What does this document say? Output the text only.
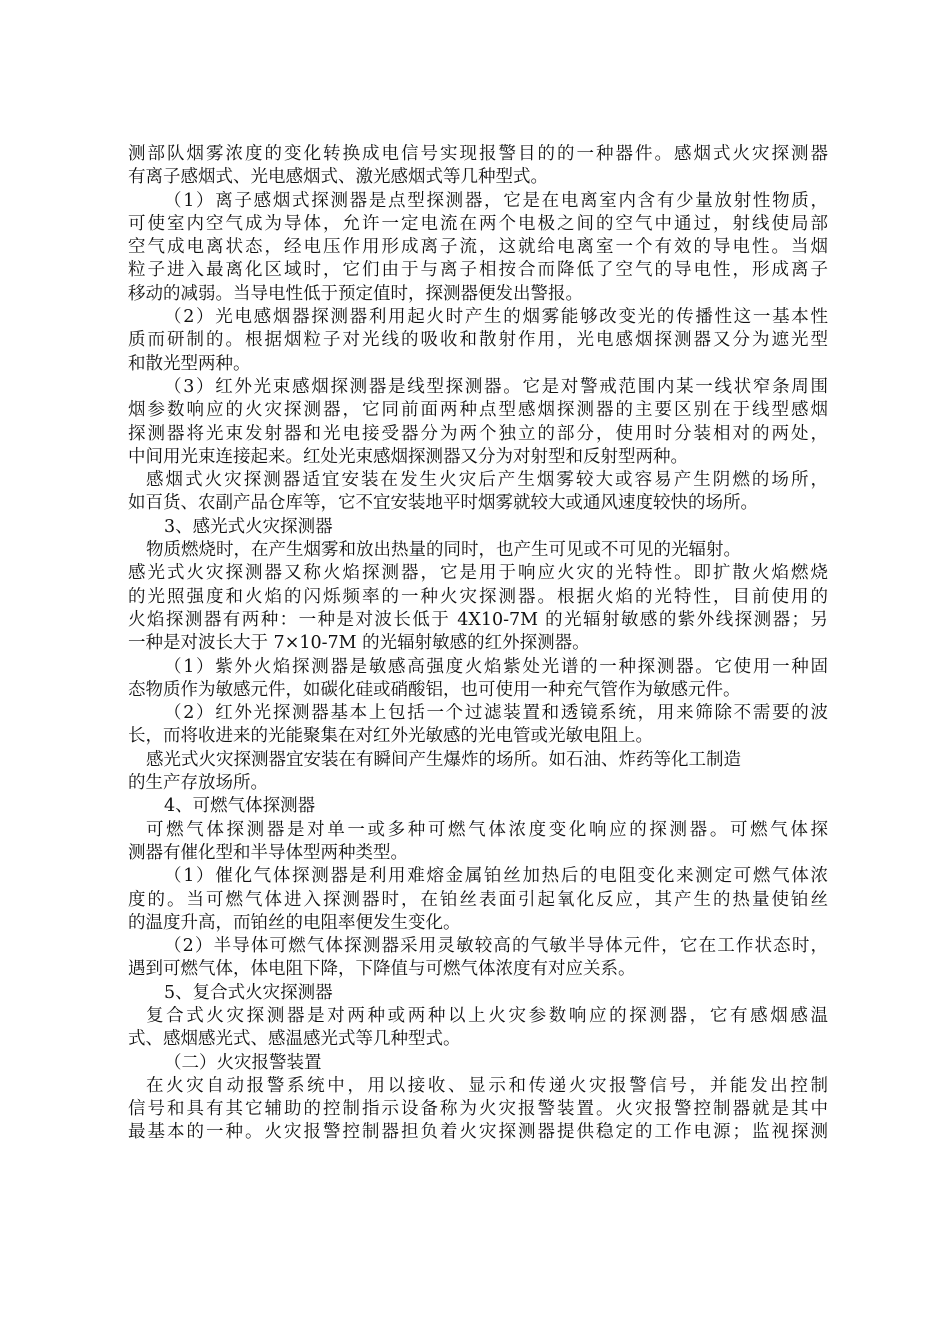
测部队烟雾浓度的变化转换成电信号实现报警目的的一种器件。感烟式火灾探测器
有离子感烟式、光电感烟式、激光感烟式等几种型式。
（1）离子感烟式探测器是点型探测器，它是在电离室内含有少量放射性物质，
可使室内空气成为导体，允许一定电流在两个电极之间的空气中通过，射线使局部
空气成电离状态，经电压作用形成离子流，这就给电离室一个有效的导电性。当烟
粒子进入最离化区域时，它们由于与离子相按合而降低了空气的导电性，形成离子
移动的减弱。当导电性低于预定值时，探测器便发出警报。
（2）光电感烟器探测器利用起火时产生的烟雾能够改变光的传播性这一基本性
质而研制的。根据烟粒子对光线的吸收和散射作用，光电感烟探测器又分为遮光型
和散光型两种。
（3）红外光束感烟探测器是线型探测器。它是对警戒范围内某一线状窄条周围
烟参数响应的火灾探测器，它同前面两种点型感烟探测器的主要区别在于线型感烟
探测器将光束发射器和光电接受器分为两个独立的部分，使用时分装相对的两处，
中间用光束连接起来。红处光束感烟探测器又分为对射型和反射型两种。
感烟式火灾探测器适宜安装在发生火灾后产生烟雾较大或容易产生阴燃的场所，
如百货、农副产品仓库等，它不宜安装地平时烟雾就较大或通风速度较快的场所。
3、感光式火灾探测器
物质燃烧时，在产生烟雾和放出热量的同时，也产生可见或不可见的光辐射。
感光式火灾探测器又称火焰探测器，它是用于响应火灾的光特性。即扩散火焰燃烧
的光照强度和火焰的闪烁频率的一种火灾探测器。根据火焰的光特性，目前使用的
火焰探测器有两种：一种是对波长低于 4X10-7M 的光辐射敏感的紫外线探测器；另
一种是对波长大于 7×10-7M 的光辐射敏感的红外探测器。
（1）紫外火焰探测器是敏感高强度火焰紫处光谱的一种探测器。它使用一种固
态物质作为敏感元件，如碳化硅或硝酸铝，也可使用一种充气管作为敏感元件。
（2）红外光探测器基本上包括一个过滤装置和透镜系统，用来筛除不需要的波
长，而将收进来的光能聚集在对红外光敏感的光电管或光敏电阻上。
感光式火灾探测器宜安装在有瞬间产生爆炸的场所。如石油、炸药等化工制造
的生产存放场所。
4、可燃气体探测器
可燃气体探测器是对单一或多种可燃气体浓度变化响应的探测器。可燃气体探
测器有催化型和半导体型两种类型。
（1）催化气体探测器是利用难熔金属铂丝加热后的电阻变化来测定可燃气体浓
度的。当可燃气体进入探测器时，在铂丝表面引起氧化反应，其产生的热量使铂丝
的温度升高，而铂丝的电阻率便发生变化。
（2）半导体可燃气体探测器采用灵敏较高的气敏半导体元件，它在工作状态时，
遇到可燃气体，体电阻下降，下降值与可燃气体浓度有对应关系。
5、复合式火灾探测器
复合式火灾探测器是对两种或两种以上火灾参数响应的探测器，它有感烟感温
式、感烟感光式、感温感光式等几种型式。
（二）火灾报警装置
在火灾自动报警系统中，用以接收、显示和传递火灾报警信号，并能发出控制
信号和具有其它辅助的控制指示设备称为火灾报警装置。火灾报警控制器就是其中
最基本的一种。火灾报警控制器担负着火灾探测器提供稳定的工作电源；监视探测
